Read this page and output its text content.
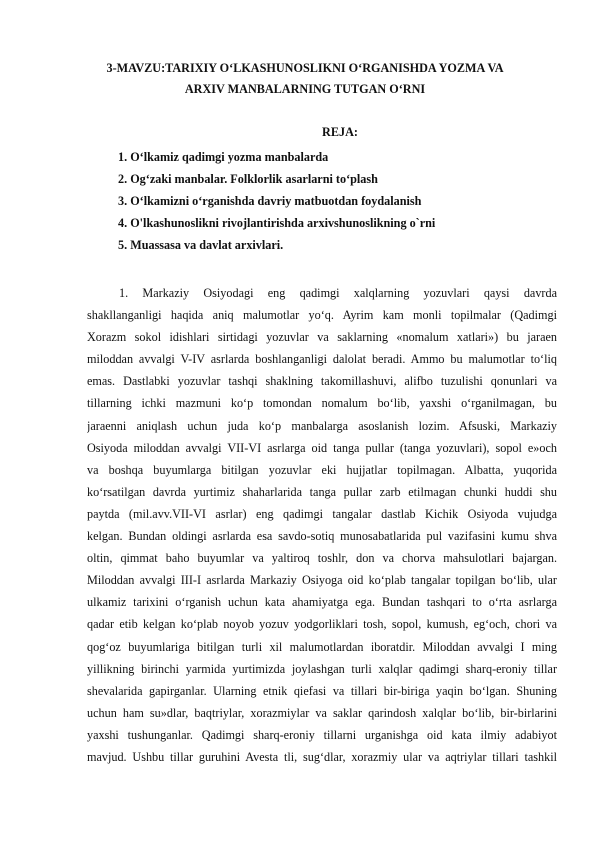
3-MAVZU:TARIXIY O‘LKASHUNOSLIKNI O‘RGANISHDA YOZMA VA
ARXIV MANBALARNING TUTGAN O‘RNI
REJA:
1. O‘lkamiz qadimgi yozma manbalarda
2. Og‘zaki manbalar. Folklorlik asarlarni to‘plash
3. O‘lkamizni o‘rganishda davriy matbuotdan foydalanish
4. O'lkashunoslikni rivojlantirishda arxivshunoslikning o`rni
5. Muassasa va davlat arxivlari.
1. Markaziy Osiyodagi eng qadimgi xalqlarning yozuvlari qaysi davrda
shakllanganligi haqida aniq malumotlar yo‘q. Ayrim kam monli topilmalar (Qadimgi
Xorazm sokol idishlari sirtidagi yozuvlar va saklarning «nomalum xatlari») bu jaraen
miloddan avvalgi V-IV asrlarda boshlanganligi dalolat beradi. Ammo bu malumotlar to‘liq
emas. Dastlabki yozuvlar tashqi shaklning takomillashuvi, alifbo tuzulishi qonunlari va
tillarning ichki mazmuni ko‘p tomondan nomalum bo‘lib, yaxshi o‘rganilmagan, bu
jaraenni aniqlash uchun juda ko‘p manbalarga asoslanish lozim. Afsuski, Markaziy
Osiyoda miloddan avvalgi VII-VI asrlarga oid tanga pullar (tanga yozuvlari), sopol e»och
va boshqa buyumlarga bitilgan yozuvlar eki hujjatlar topilmagan. Albatta, yuqorida
ko‘rsatilgan davrda yurtimiz shaharlarida tanga pullar zarb etilmagan chunki huddi shu
paytda (mil.avv.VII-VI asrlar) eng qadimgi tangalar dastlab Kichik Osiyoda vujudga
kelgan. Bundan oldingi asrlarda esa savdo-sotiq munosabatlarida pul vazifasini kumu shva
oltin, qimmat baho buyumlar va yaltiroq toshlr, don va chorva mahsulotlari bajargan.
Miloddan avvalgi III-I asrlarda Markaziy Osiyoga oid ko‘plab tangalar topilgan bo‘lib, ular
ulkamiz tarixini o‘rganish uchun kata ahamiyatga ega. Bundan tashqari to o‘rta asrlarga
qadar etib kelgan ko‘plab noyob yozuv yodgorliklari tosh, sopol, kumush, eg‘och, chori va
qog‘oz buyumlariga bitilgan turli xil malumotlardan iboratdir. Miloddan avvalgi I ming
yillikning birinchi yarmida yurtimizda joylashgan turli xalqlar qadimgi sharq-eroniy tillar
shevalarida gapirganlar. Ularning etnik qiefasi va tillari bir-biriga yaqin bo‘lgan. Shuning
uchun ham su»dlar, baqtriylar, xorazmiylar va saklar qarindosh xalqlar bo‘lib, bir-birlarini
yaxshi tushunganlar. Qadimgi sharq-eroniy tillarni urganishga oid kata ilmiy adabiyot
mavjud. Ushbu tillar guruhini Avesta tli, sug‘dlar, xorazmiy ular va aqtriylar tillari tashkil
